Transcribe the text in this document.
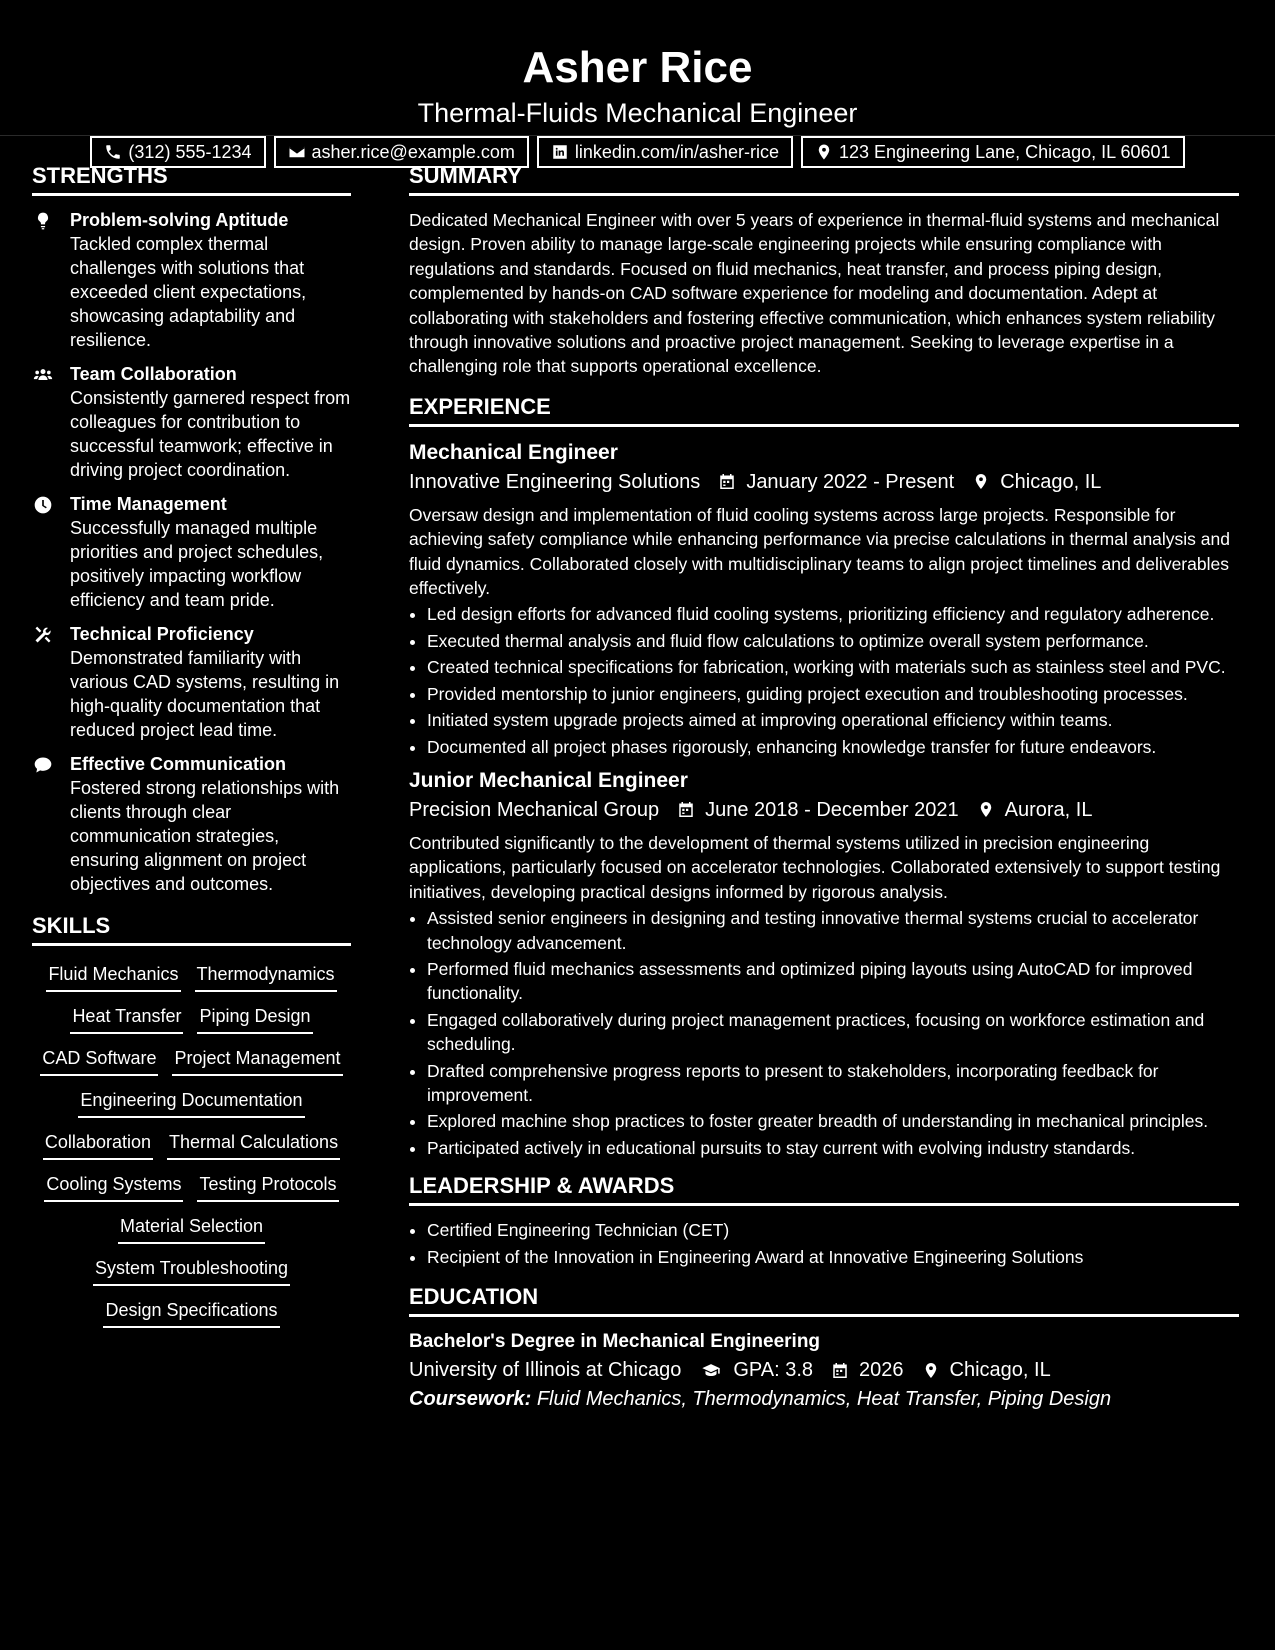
Asher Rice
Thermal-Fluids Mechanical Engineer
(312) 555-1234	asher.rice@example.com	linkedin.com/in/asher-rice	123 Engineering Lane, Chicago, IL 60601
STRENGTHS
Problem-solving Aptitude
Tackled complex thermal challenges with solutions that exceeded client expectations, showcasing adaptability and resilience.
Team Collaboration
Consistently garnered respect from colleagues for contribution to successful teamwork; effective in driving project coordination.
Time Management
Successfully managed multiple priorities and project schedules, positively impacting workflow efficiency and team pride.
Technical Proficiency
Demonstrated familiarity with various CAD systems, resulting in high-quality documentation that reduced project lead time.
Effective Communication
Fostered strong relationships with clients through clear communication strategies, ensuring alignment on project objectives and outcomes.
SKILLS
Fluid Mechanics Thermodynamics
Heat Transfer Piping Design
CAD Software Project Management
Engineering Documentation
Collaboration Thermal Calculations
Cooling Systems Testing Protocols
Material Selection
System Troubleshooting
Design Specifications
SUMMARY

Dedicated Mechanical Engineer with over 5 years of experience in thermal-fluid systems and mechanical design. Proven ability to manage large-scale engineering projects while ensuring compliance with regulations and standards. Focused on fluid mechanics, heat transfer, and process piping design, complemented by hands-on CAD software experience for modeling and documentation. Adept at collaborating with stakeholders and fostering effective communication, which enhances system reliability through innovative solutions and proactive project management. Seeking to leverage expertise in a challenging role that supports operational excellence.

EXPERIENCE
Mechanical Engineer
Innovative Engineering Solutions January 2022 - Present Chicago, IL

Oversaw design and implementation of fluid cooling systems across large projects. Responsible for achieving safety compliance while enhancing performance via precise calculations in thermal analysis and fluid dynamics. Collaborated closely with multidisciplinary teams to align project timelines and deliverables effectively.

• Led design efforts for advanced fluid cooling systems, prioritizing efficiency and regulatory adherence.
• Executed thermal analysis and fluid flow calculations to optimize overall system performance.
• Created technical specifications for fabrication, working with materials such as stainless steel and PVC.
• Provided mentorship to junior engineers, guiding project execution and troubleshooting processes.
• Initiated system upgrade projects aimed at improving operational efficiency within teams.
• Documented all project phases rigorously, enhancing knowledge transfer for future endeavors.
Junior Mechanical Engineer
Precision Mechanical Group June 2018 - December 2021 Aurora, IL

Contributed significantly to the development of thermal systems utilized in precision engineering applications, particularly focused on accelerator technologies. Collaborated extensively to support testing initiatives, developing practical designs informed by rigorous analysis.

• Assisted senior engineers in designing and testing innovative thermal systems crucial to accelerator technology advancement.
• Performed fluid mechanics assessments and optimized piping layouts using AutoCAD for improved functionality.
• Engaged collaboratively during project management practices, focusing on workforce estimation and scheduling.
• Drafted comprehensive progress reports to present to stakeholders, incorporating feedback for improvement.
• Explored machine shop practices to foster greater breadth of understanding in mechanical principles.
• Participated actively in educational pursuits to stay current with evolving industry standards.
LEADERSHIP & AWARDS
• Certified Engineering Technician (CET)
• Recipient of the Innovation in Engineering Award at Innovative Engineering Solutions
EDUCATION
Bachelor's Degree in Mechanical Engineering
University of Illinois at Chicago	GPA: 3.8 2026 Chicago, IL
Coursework: Fluid Mechanics, Thermodynamics, Heat Transfer, Piping Design
